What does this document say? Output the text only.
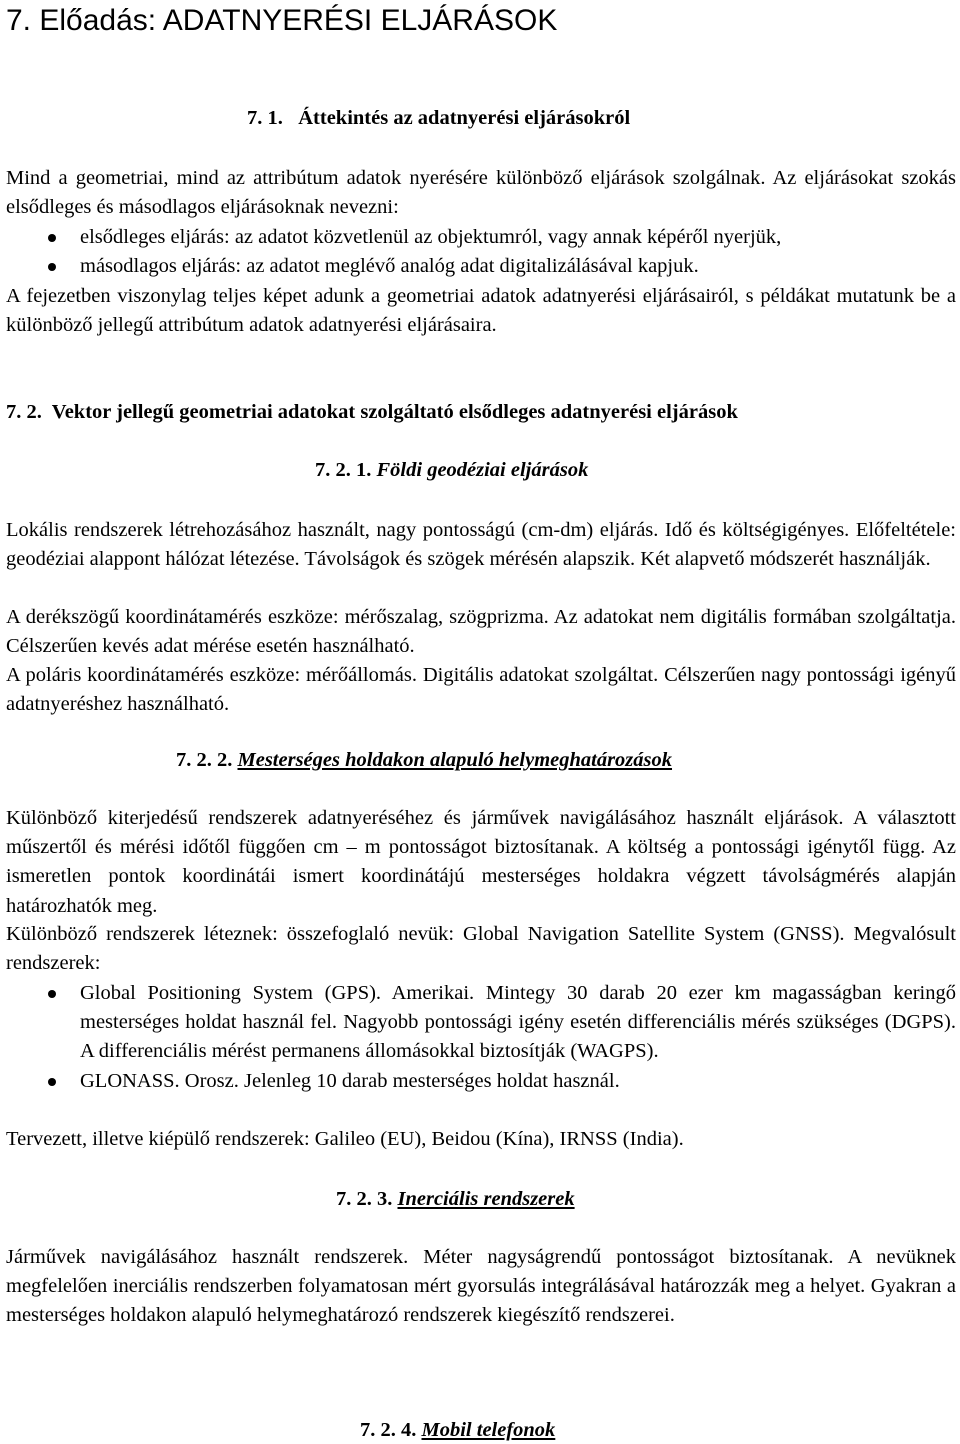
7. Előadás: ADATNYERÉSI ELJÁRÁSOK
7. 1. Áttekintés az adatnyerési eljárásokról

Mind a geometriai, mind az attribútum adatok nyerésére különböző eljárások szolgálnak. Az eljárásokat szokás elsődleges és másodlagos eljárásoknak nevezni:

elsődleges eljárás: az adatot közvetlenül az objektumról, vagy annak képéről nyerjük,
másodlagos eljárás: az adatot meglévő analóg adat digitalizálásával kapjuk.

A fejezetben viszonylag teljes képet adunk a geometriai adatok adatnyerési eljárásairól, s példákat mutatunk be a különböző jellegű attribútum adatok adatnyerési eljárásaira.

7. 2. Vektor jellegű geometriai adatokat szolgáltató elsődleges adatnyerési eljárások
7. 2. 1. Földi geodéziai eljárások

Lokális rendszerek létrehozásához használt, nagy pontosságú (cm-dm) eljárás. Idő és költségigényes. Előfeltétele: geodéziai alappont hálózat létezése. Távolságok és szögek mérésén alapszik. Két alapvető módszerét használják.

A derékszögű koordinátamérés eszköze: mérőszalag, szögprizma. Az adatokat nem digitális formában szolgáltatja. Célszerűen kevés adat mérése esetén használható.

A poláris koordinátamérés eszköze: mérőállomás. Digitális adatokat szolgáltat. Célszerűen nagy pontossági igényű adatnyeréshez használható.

7. 2. 2. Mesterséges holdakon alapuló helymeghatározások

Különböző kiterjedésű rendszerek adatnyeréséhez és járművek navigálásához használt eljárások. A választott műszertől és mérési időtől függően cm – m pontosságot biztosítanak. A költség a pontossági igénytől függ. Az ismeretlen pontok koordinátái ismert koordinátájú mesterséges holdakra végzett távolságmérés alapján határozhatók meg.

Különböző rendszerek léteznek: összefoglaló nevük: Global Navigation Satellite System (GNSS). Megvalósult rendszerek:

Global Positioning System (GPS). Amerikai. Mintegy 30 darab 20 ezer km magasságban keringő mesterséges holdat használ fel. Nagyobb pontossági igény esetén differenciális mérés szükséges (DGPS). A differenciális mérést permanens állomásokkal biztosítják (WAGPS).
GLONASS. Orosz. Jelenleg 10 darab mesterséges holdat használ.

Tervezett, illetve kiépülő rendszerek: Galileo (EU), Beidou (Kína), IRNSS (India).

7. 2. 3. Inerciális rendszerek

Járművek navigálásához használt rendszerek. Méter nagyságrendű pontosságot biztosítanak. A nevüknek megfelelően inerciális rendszerben folyamatosan mért gyorsulás integrálásával határozzák meg a helyet. Gyakran a mesterséges holdakon alapuló helymeghatározó rendszerek kiegészítő rendszerei.

7. 2. 4. Mobil telefonok
